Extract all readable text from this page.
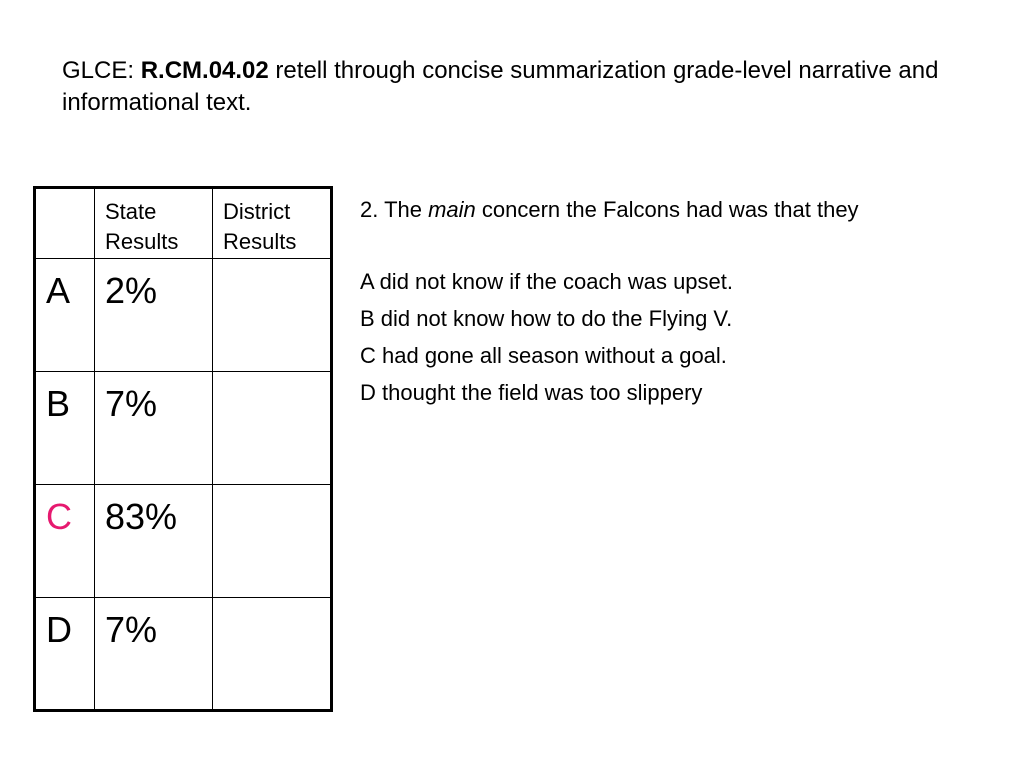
GLCE: R.CM.04.02 retell through concise summarization grade-level narrative and informational text.

	State Results	District Results

A	2%	

B	7%	

C	83%	

D	7%	

2. The main concern the Falcons had was that they
A did not know if the coach was upset.
B did not know how to do the Flying V.
C had gone all season without a goal.
D thought the field was too slippery
